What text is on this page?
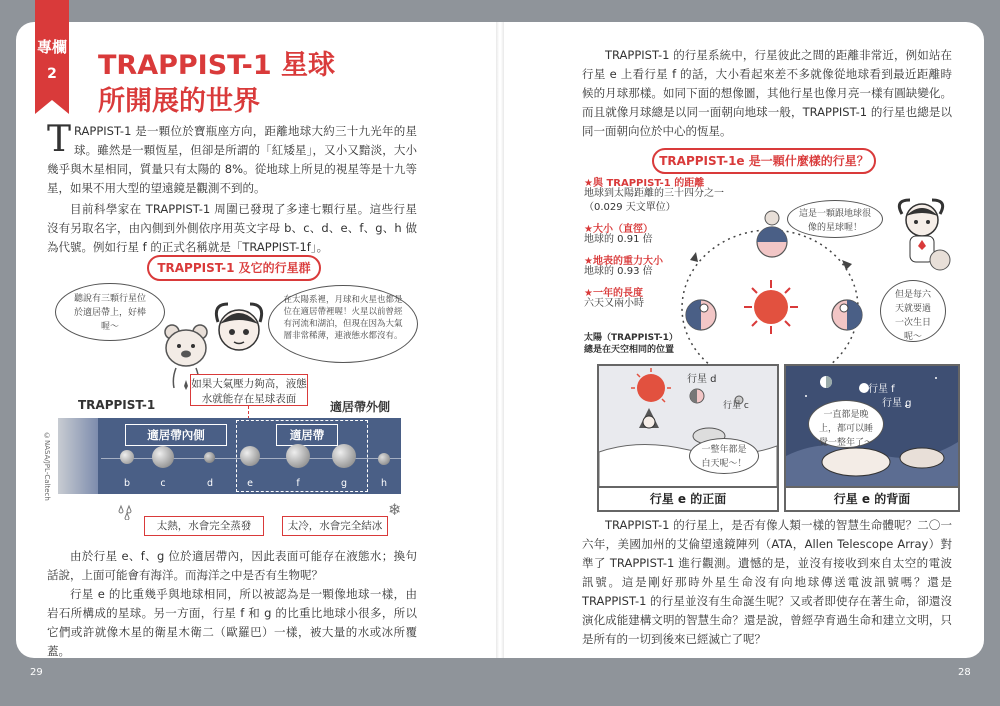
專欄
2	TRAPPIST-1 星球
所開展的世界
TRAPPIST-1 是一顆位於寶瓶座方向，距離地球大約三十九光年的星球。雖然是一顆恆星，但卻是所謂的「紅矮星」，又小又黯淡，大小幾乎與木星相同，質量只有太陽的 8%。從地球上所見的視星等是十九等星，如果不用大型的望遠鏡是觀測不到的。

目前科學家在 TRAPPIST-1 周圍已發現了多達七顆行星。這些行星沒有另取名字，由內側到外側依序用英文字母 b、c、d、e、f、g、h 做為代號。例如行星 f 的正式名稱就是「TRAPPIST-1f」。

TRAPPIST-1 及它的行星群
聽說有三顆行星位於適居帶上，好棒喔～
在太陽系裡，月球和火星也都是位在適居帶裡喔！火星以前曾經有河流和湖泊，但現在因為大氣層非常稀薄，連液態水都沒有。
如果大氣壓力夠高，液態水就能存在星球表面
TRAPPIST-1	適居帶外側
適居帶內側	適居帶
b	c	d	e	f	g	h
©NASA/JPL-Caltech
太熱，水會完全蒸發	太冷，水會完全結冰
❄

由於行星 e、f、g 位於適居帶內，因此表面可能存在液態水；換句話說，上面可能會有海洋。而海洋之中是否有生物呢？

行星 e 的比重幾乎與地球相同，所以被認為是一顆像地球一樣，由岩石所構成的星球。另一方面，行星 f 和 g 的比重比地球小很多，所以它們或許就像木星的衛星木衛二（歐羅巴）一樣，被大量的水或冰所覆蓋。

29

TRAPPIST-1 的行星系統中，行星彼此之間的距離非常近，例如站在行星 e 上看行星 f 的話，大小看起來差不多就像從地球看到最近距離時候的月球那樣。如同下面的想像圖，其他行星也像月亮一樣有圓缺變化。而且就像月球總是以同一面朝向地球一般，TRAPPIST-1 的行星也總是以同一面朝向位於中心的恆星。

TRAPPIST-1e 是一顆什麼樣的行星？
★與 TRAPPIST-1 的距離
地球到太陽距離的三十四分之一
（0.029 天文單位）
★大小（直徑）
地球的 0.91 倍
★地表的重力大小
地球的 0.93 倍
★一年的長度
六天又兩小時
太陽（TRAPPIST-1）
總是在天空相同的位置
這是一顆跟地球很像的星球喔！
但是每六天就要過一次生日呢～
行星 d
行星 c
一整年都是白天呢～！
行星 e 的正面
行星 f
行星 g
一直都是晚上，都可以睡覺一整年了～
行星 e 的背面

TRAPPIST-1 的行星上，是否有像人類一樣的智慧生命體呢？二〇一六年，美國加州的艾倫望遠鏡陣列（ATA，Allen Telescope Array）對準了 TRAPPIST-1 進行觀測。遺憾的是，並沒有接收到來自太空的電波訊號。這是剛好那時外星生命沒有向地球傳送電波訊號嗎？還是 TRAPPIST-1 的行星並沒有生命誕生呢？又或者即使存在著生命，卻還沒演化成能建構文明的智慧生命？還是說，曾經孕育過生命和建立文明，只是所有的一切到後來已經滅亡了呢？

28
